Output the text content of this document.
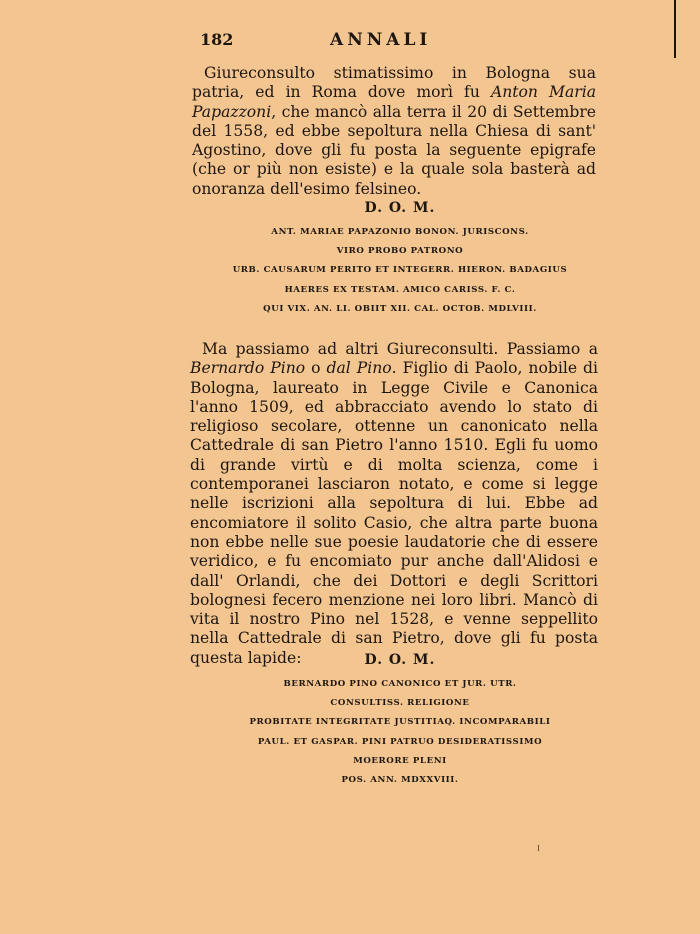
182	ANNALI

Giureconsulto stimatissimo in Bologna sua patria, ed in Roma dove morì fu Anton Maria Papazzoni, che mancò alla terra il 20 di Settembre del 1558, ed ebbe sepoltura nella Chiesa di sant' Agostino, dove gli fu posta la seguente epigrafe (che or più non esiste) e la quale sola basterà ad onoranza dell'esimo felsineo.

D. O. M.
ANT. MARIAE PAPAZONIO BONON. JURISCONS.
VIRO PROBO PATRONO
URB. CAUSARUM PERITO ET INTEGERR. HIERON. BADAGIUS
HAERES EX TESTAM. AMICO CARISS. F. C.
QUI VIX. AN. LI. OBIIT XII. CAL. OCTOB. MDLVIII.

Ma passiamo ad altri Giureconsulti. Passiamo a Bernardo Pino o dal Pino. Figlio di Paolo, nobile di Bologna, laureato in Legge Civile e Canonica l'anno 1509, ed abbracciato avendo lo stato di religioso secolare, ottenne un canonicato nella Cattedrale di san Pietro l'anno 1510. Egli fu uomo di grande virtù e di molta scienza, come i contemporanei lasciaron notato, e come si legge nelle iscrizioni alla sepoltura di lui. Ebbe ad encomiatore il solito Casio, che altra parte buona non ebbe nelle sue poesie laudatorie che di essere veridico, e fu encomiato pur anche dall'Alidosi e dall' Orlandi, che dei Dottori e degli Scrittori bolognesi fecero menzione nei loro libri. Mancò di vita il nostro Pino nel 1528, e venne seppellito nella Cattedrale di san Pietro, dove gli fu posta questa lapide:	D. O. M.
BERNARDO PINO CANONICO ET JUR. UTR.
CONSULTISS. RELIGIONE
PROBITATE INTEGRITATE JUSTITIAQ. INCOMPARABILI
PAUL. ET GASPAR. PINI PATRUO DESIDERATISSIMO
MOERORE PLENI
POS. ANN. MDXXVIII.
